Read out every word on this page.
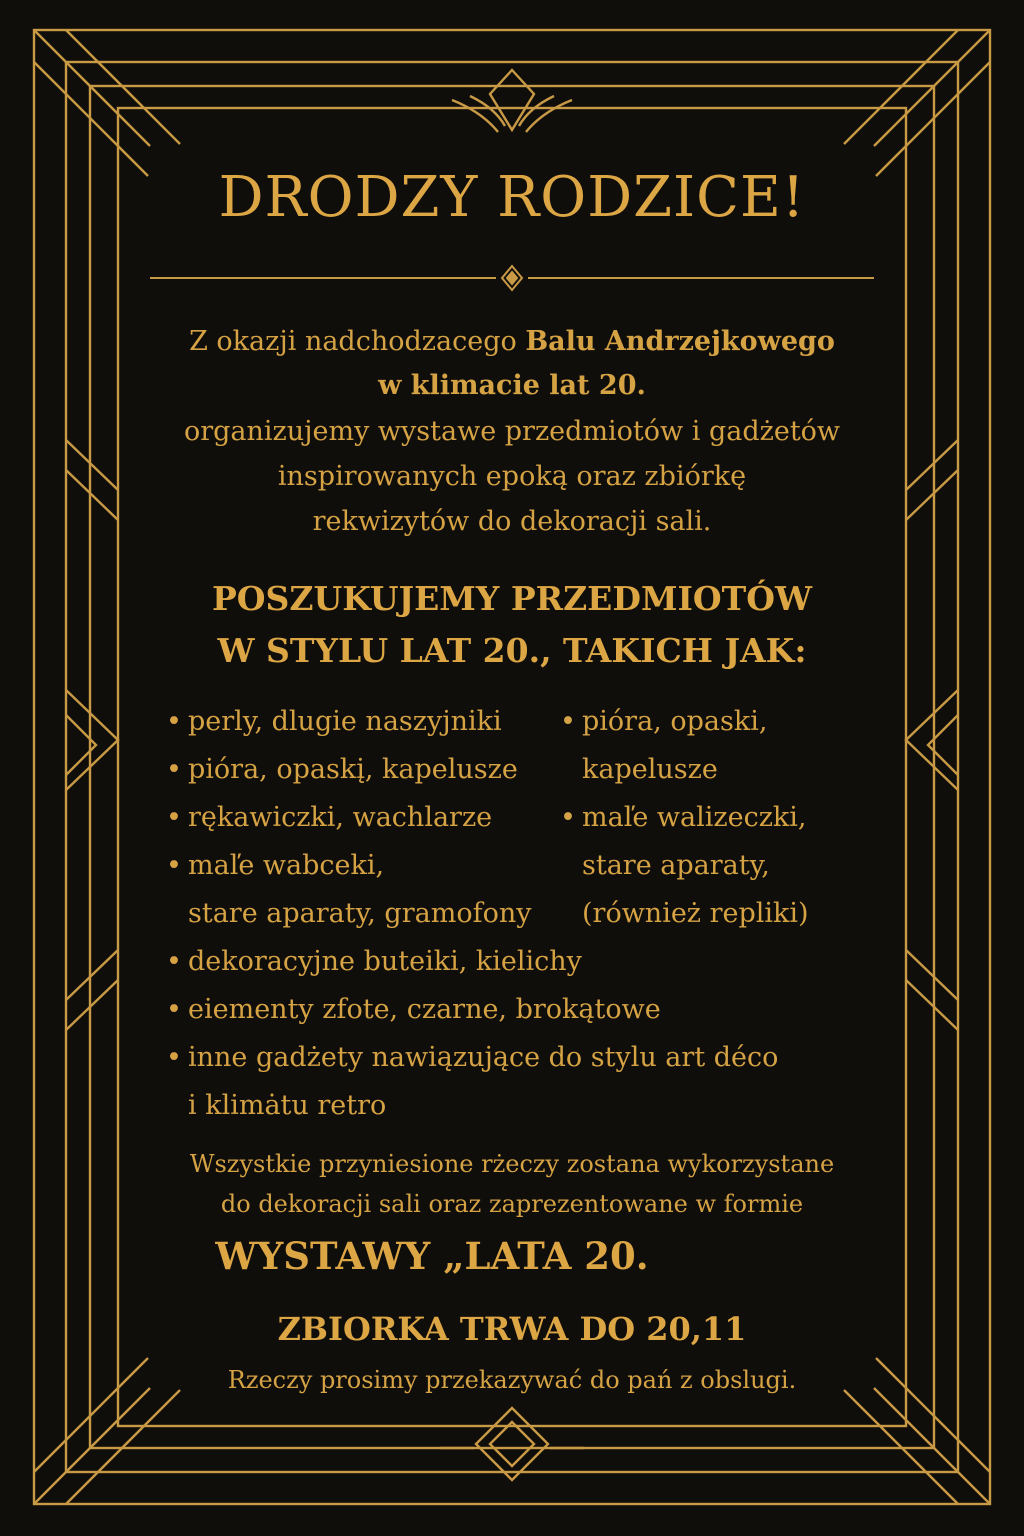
DRODZY RODZICE!
Z okazji nadchodzacego Balu Andrzejkowego
w klimacie lat 20.
organizujemy wystawe przedmiotów i gadżetów
inspirowanych epoką oraz zbiórkę
rekwizytów do dekoracji sali.
POSZUKUJEMY PRZEDMIOTÓW
W STYLU LAT 20., TAKICH JAK:
• perly, dlugie naszyjniki
• pióra, opaskį, kapelusze
• rękawiczki, wachlarze
• maľe wabceki,
stare aparaty, gramofony
• dekoracyjne buteiki, kielichy
• eiementy zfote, czarne, brokątowe
• inne gadżety nawiązujące do stylu art déco
i klimȧtu retro
• pióra, opaski,
kapelusze
• maľe walizeczki,
stare aparaty,
(również repliki)
Wszystkie przyniesione rżeczy zostana wykorzystane
do dekoracji sali oraz zaprezentowane w formie
WYSTAWY „LATA 20.
ZBIORKA TRWA DO 20,11
Rzeczy prosimy przekazywać do pań z obslugi.
